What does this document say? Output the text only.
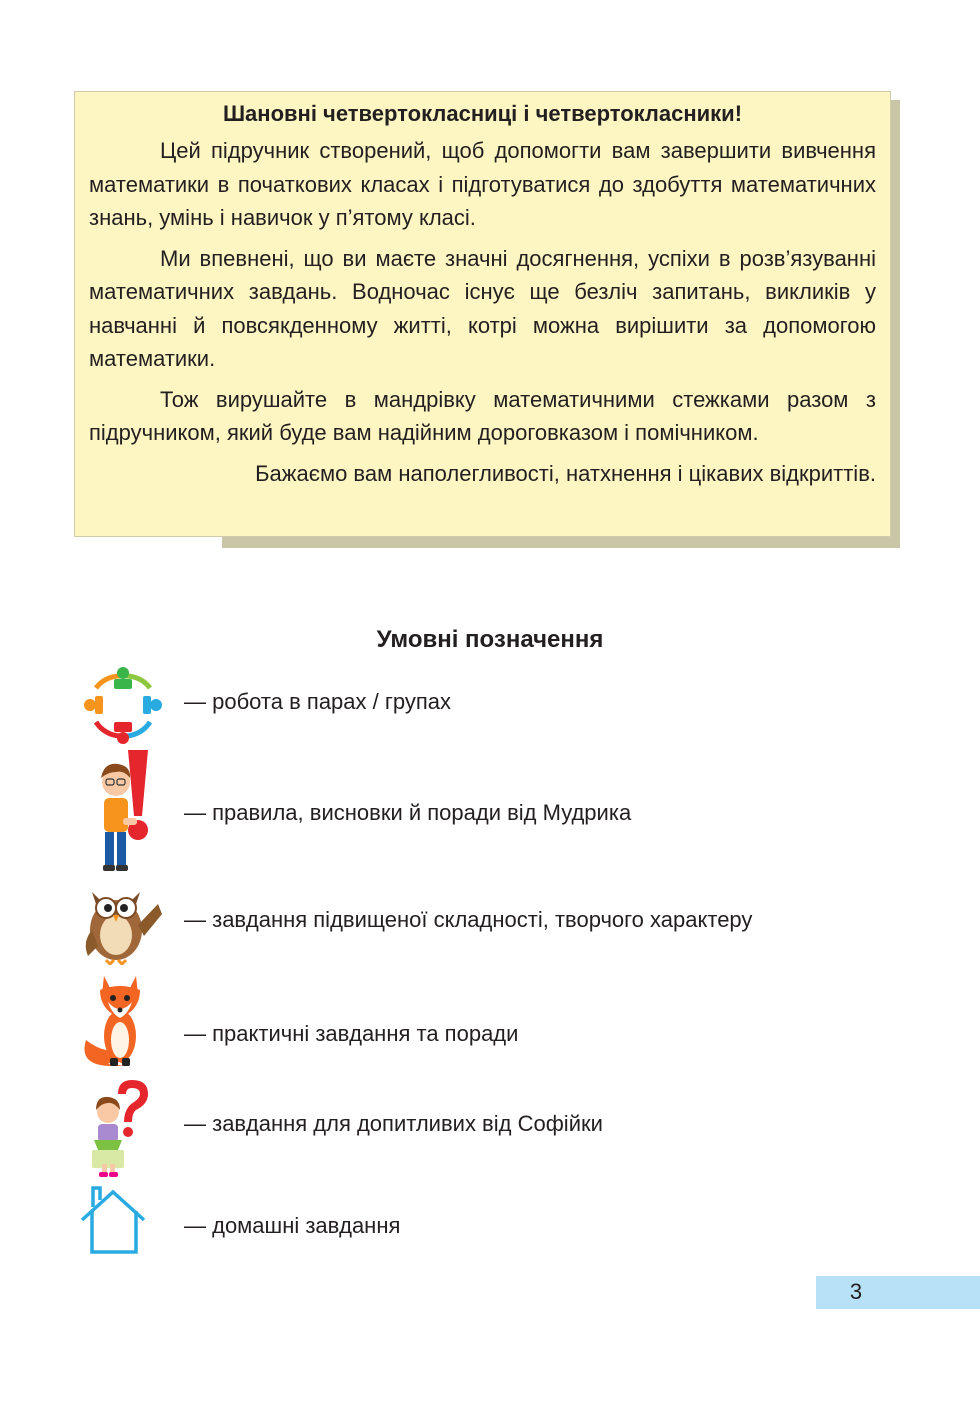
Шановні четвертокласниці і четвертокласники!

Цей підручник створений, щоб допомогти вам завершити вивчення математики в початкових класах і підготуватися до здобуття математичних знань, умінь і навичок у п’ятому класі.

Ми впевнені, що ви маєте значні досягнення, успіхи в розв’язуванні математичних завдань. Водночас існує ще безліч запитань, викликів у навчанні й повсякденному житті, котрі можна вирішити за допомогою математики.

Тож вирушайте в мандрівку математичними стежками разом з підручником, який буде вам надійним дороговказом і помічником.

Бажаємо вам наполегливості, натхнення і цікавих відкриттів.

Умовні позначення
— робота в парах / групах
— правила, висновки й поради від Мудрика
— завдання підвищеної складності, творчого характеру
— практичні завдання та поради
— завдання для допитливих від Софійки
— домашні завдання
3
